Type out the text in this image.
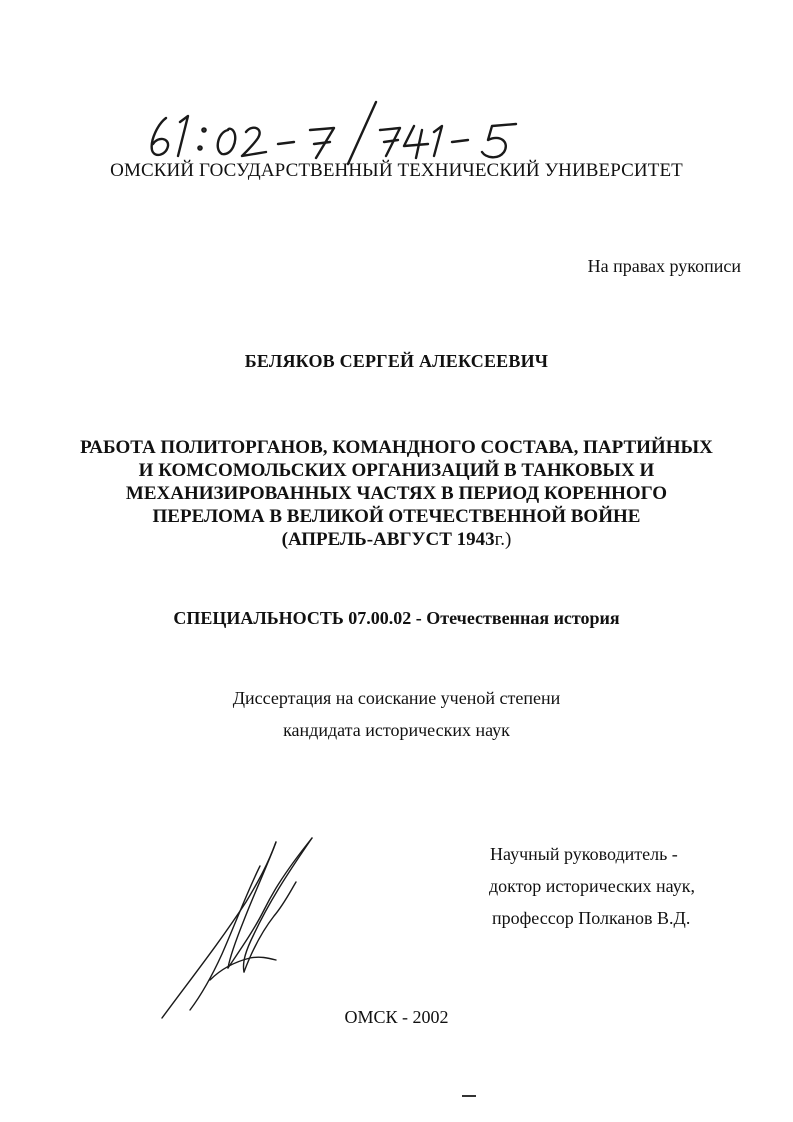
ОМСКИЙ ГОСУДАРСТВЕННЫЙ ТЕХНИЧЕСКИЙ УНИВЕРСИТЕТ
На правах рукописи
БЕЛЯКОВ СЕРГЕЙ АЛЕКСЕЕВИЧ
РАБОТА ПОЛИТОРГАНОВ, КОМАНДНОГО СОСТАВА, ПАРТИЙНЫХ
И КОМСОМОЛЬСКИХ ОРГАНИЗАЦИЙ В ТАНКОВЫХ И
МЕХАНИЗИРОВАННЫХ ЧАСТЯХ В ПЕРИОД КОРЕННОГО
ПЕРЕЛОМА В ВЕЛИКОЙ ОТЕЧЕСТВЕННОЙ ВОЙНЕ
(АПРЕЛЬ-АВГУСТ 1943г.)
СПЕЦИАЛЬНОСТЬ 07.00.02 - Отечественная история
Диссертация на соискание ученой степени
кандидата исторических наук
Научный руководитель -
доктор исторических наук,
профессор Полканов В.Д.
ОМСК - 2002
